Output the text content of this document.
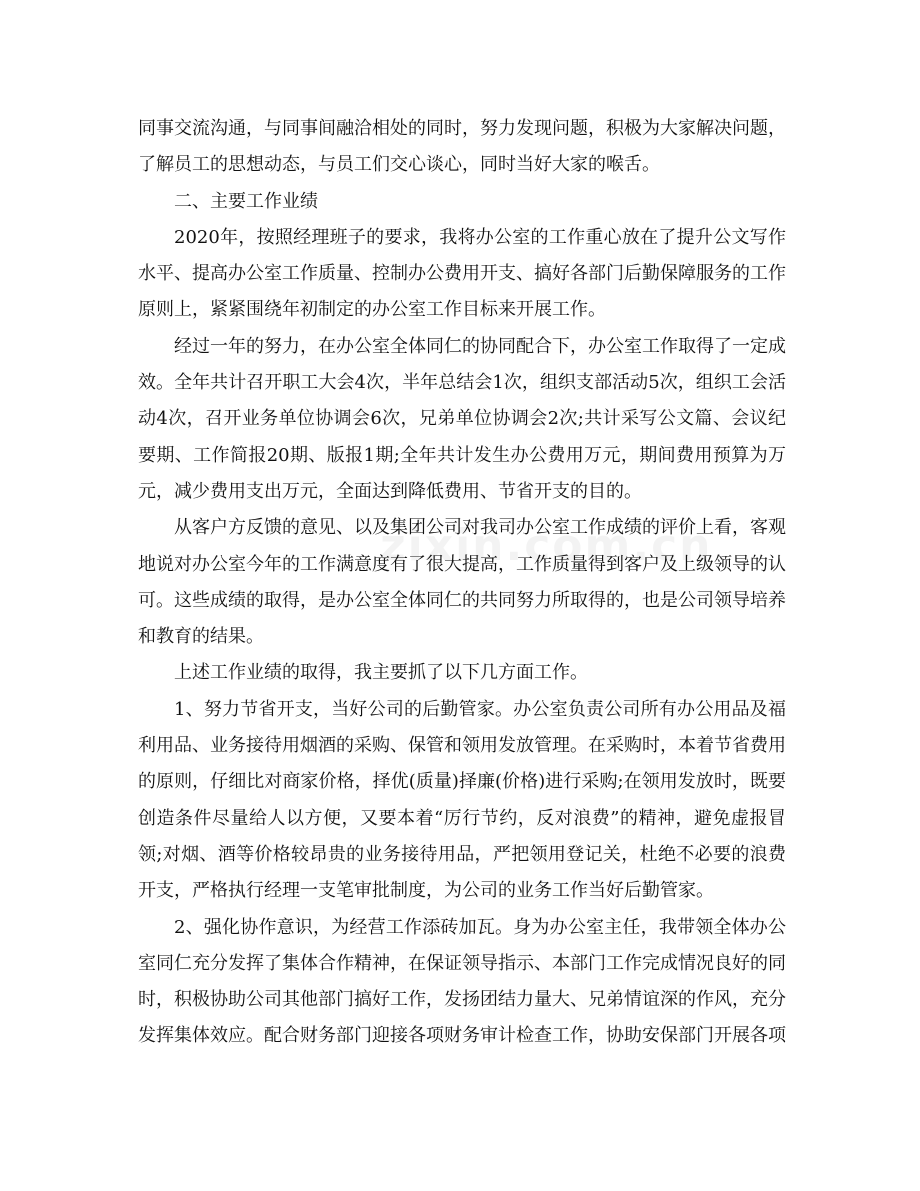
同事交流沟通，与同事间融洽相处的同时，努力发现问题，积极为大家解决问题，了解员工的思想动态，与员工们交心谈心，同时当好大家的喉舌。

二、主要工作业绩

2020年，按照经理班子的要求，我将办公室的工作重心放在了提升公文写作水平、提高办公室工作质量、控制办公费用开支、搞好各部门后勤保障服务的工作原则上，紧紧围绕年初制定的办公室工作目标来开展工作。

经过一年的努力，在办公室全体同仁的协同配合下，办公室工作取得了一定成效。全年共计召开职工大会4次，半年总结会1次，组织支部活动5次，组织工会活动4次，召开业务单位协调会6次，兄弟单位协调会2次;共计采写公文篇、会议纪要期、工作简报20期、版报1期;全年共计发生办公费用万元，期间费用预算为万元，减少费用支出万元，全面达到降低费用、节省开支的目的。

从客户方反馈的意见、以及集团公司对我司办公室工作成绩的评价上看，客观地说对办公室今年的工作满意度有了很大提高，工作质量得到客户及上级领导的认可。这些成绩的取得，是办公室全体同仁的共同努力所取得的，也是公司领导培养和教育的结果。

上述工作业绩的取得，我主要抓了以下几方面工作。

1、努力节省开支，当好公司的后勤管家。办公室负责公司所有办公用品及福利用品、业务接待用烟酒的采购、保管和领用发放管理。在采购时，本着节省费用的原则，仔细比对商家价格，择优(质量)择廉(价格)进行采购;在领用发放时，既要创造条件尽量给人以方便，又要本着“厉行节约，反对浪费”的精神，避免虚报冒领;对烟、酒等价格较昂贵的业务接待用品，严把领用登记关，杜绝不必要的浪费开支，严格执行经理一支笔审批制度，为公司的业务工作当好后勤管家。

2、强化协作意识，为经营工作添砖加瓦。身为办公室主任，我带领全体办公室同仁充分发挥了集体合作精神，在保证领导指示、本部门工作完成情况良好的同时，积极协助公司其他部门搞好工作，发扬团结力量大、兄弟情谊深的作风，充分发挥集体效应。配合财务部门迎接各项财务审计检查工作，协助安保部门开展各项
